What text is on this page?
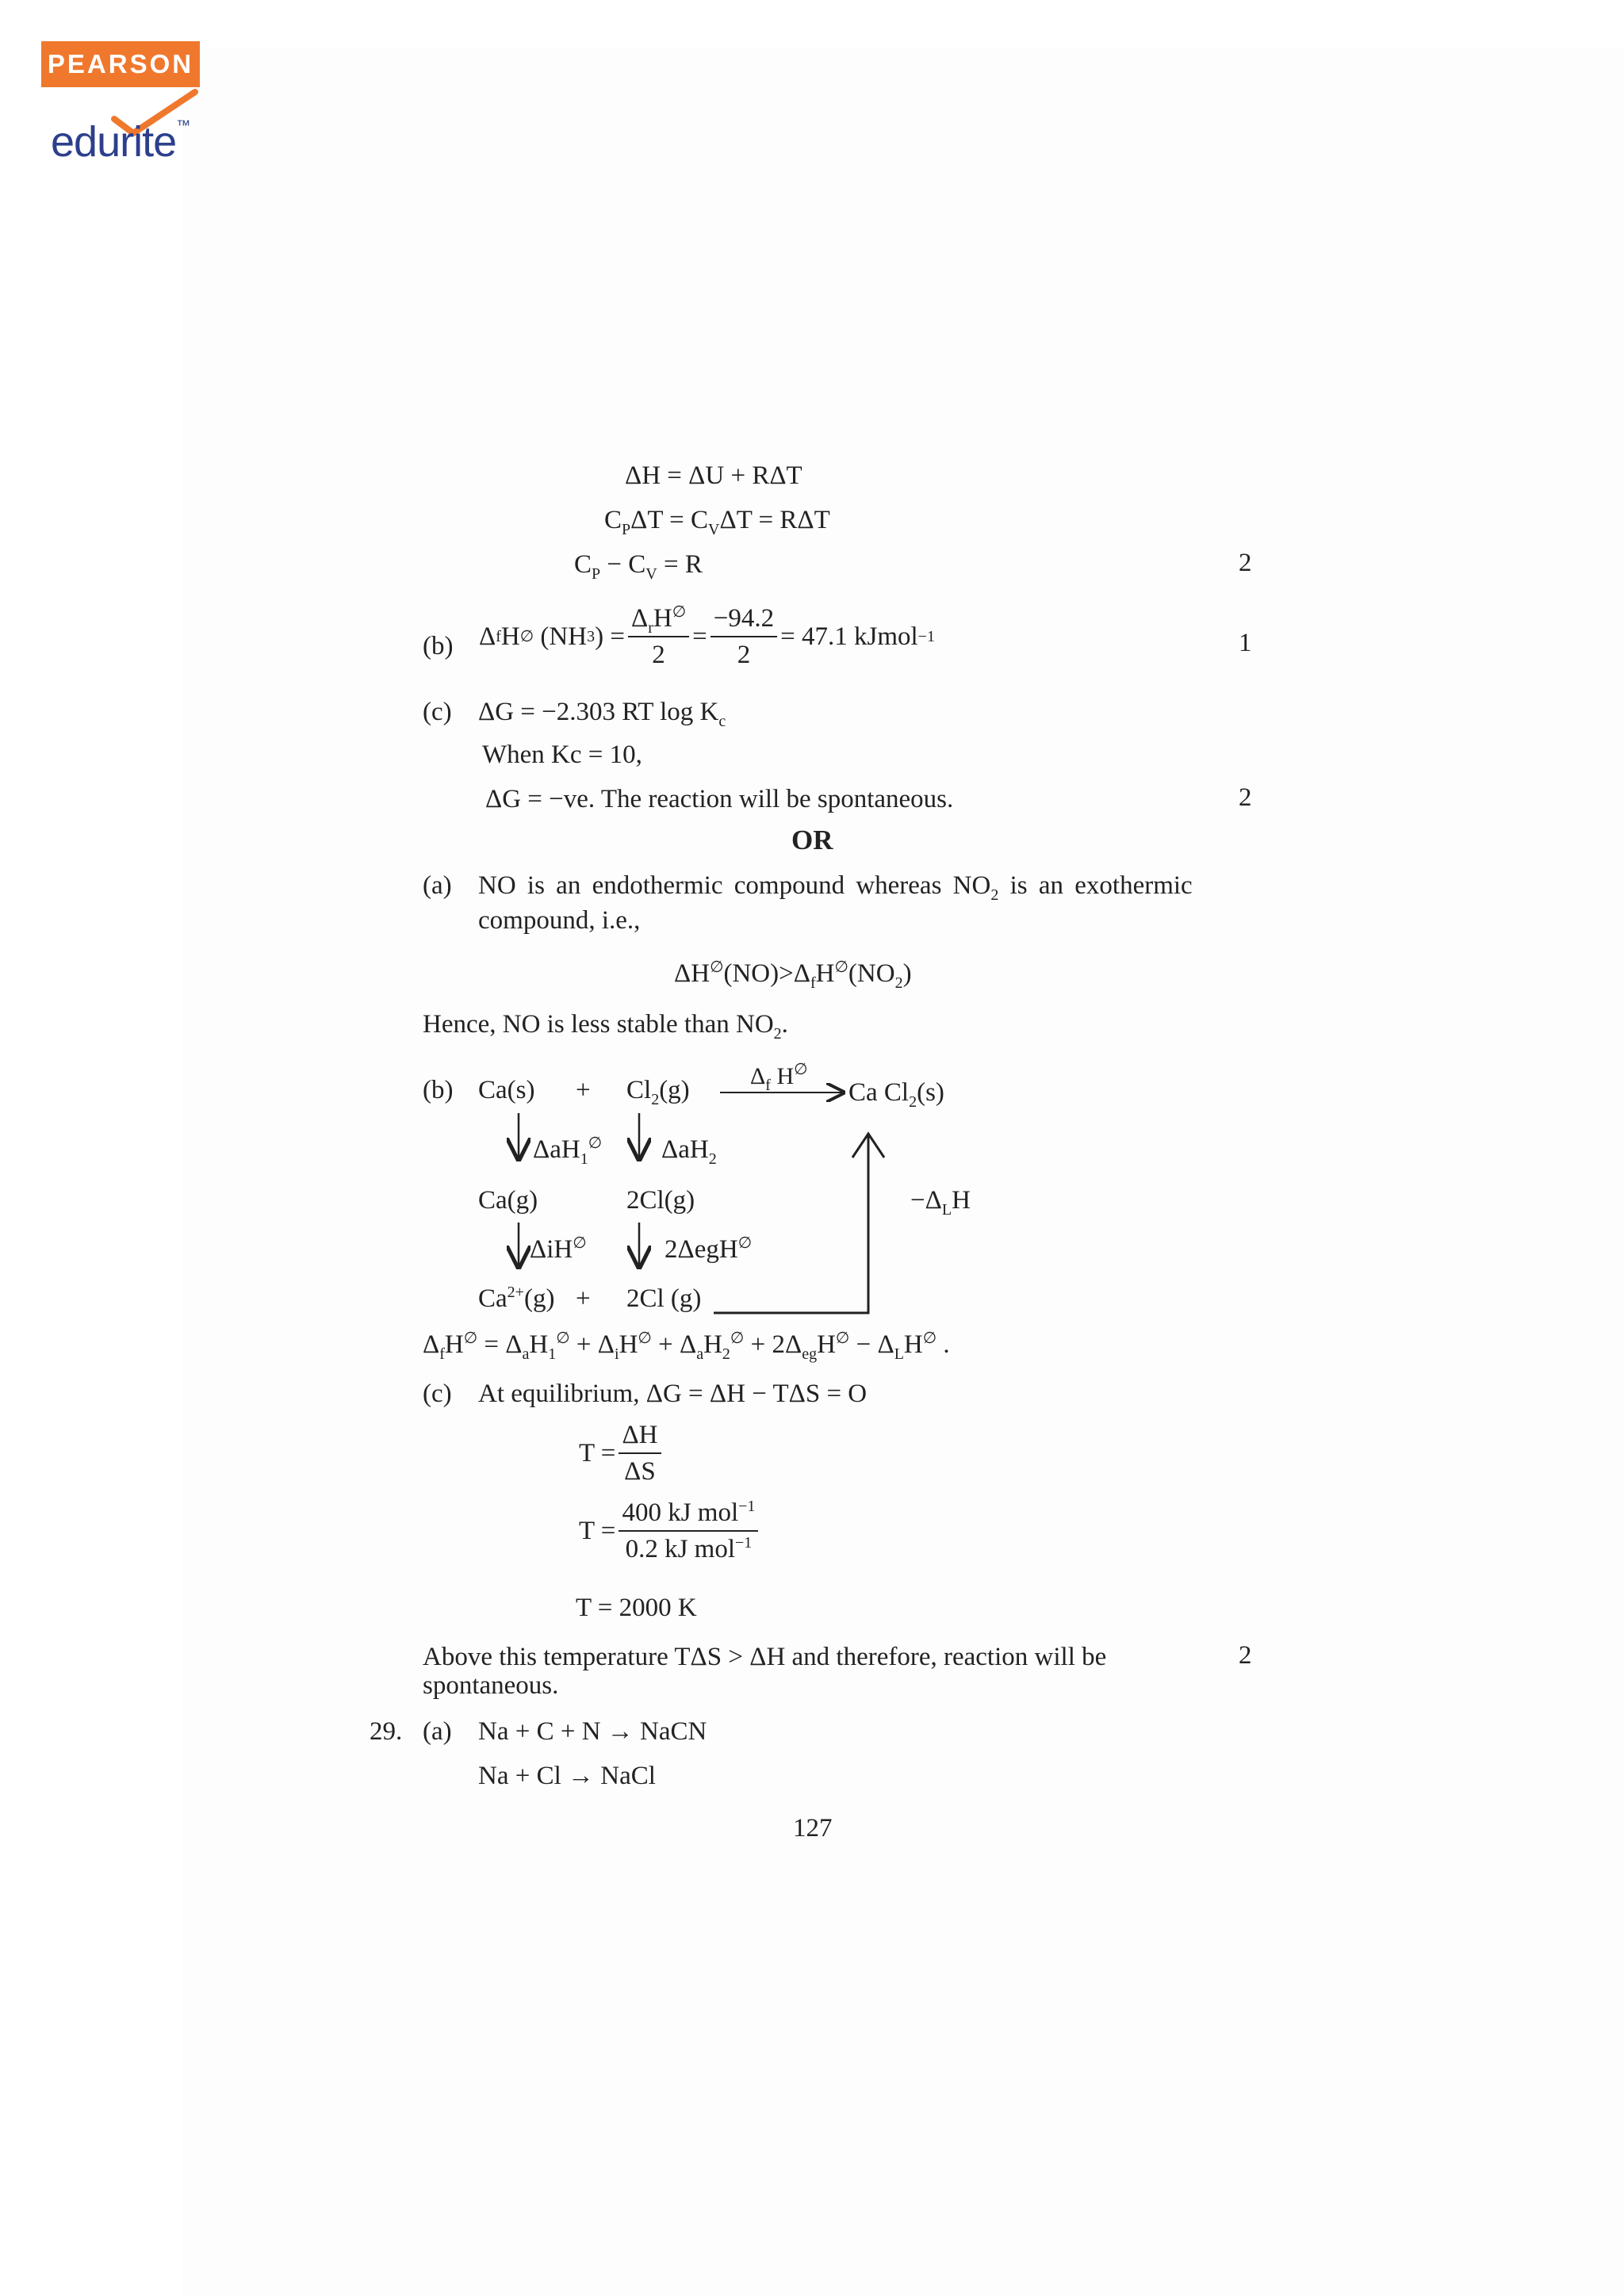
PEARSON
edurite™
ΔH = ΔU + RΔT
$C_P\Delta T = C_V\Delta T = R\Delta T$
$C_P - C_V = R$	2
(b) Δ f H ∅ ( NH 3 ) = $\frac{\Delta_rH^\emptyset}{2} = \frac{-94.2}{2} = 47.1$ kJmol −1	1
(c) ΔG = −2.303 RT $\log K_c$
When Kc = 10,
ΔG = −ve. The reaction will be spontaneous.	2
OR
(a) NO is an endothermic compound whereas $NO_2$ is an exothermic
compound, i.e.,
$\Delta H^\emptyset(NO)>\Delta_fH^\emptyset(NO_2)$
Hence, NO is less stable than $NO_2$.
(b) $Ca(s) + Cl_2(g)$	$\Delta_f$ H∅
Ca $Cl_2(s)$
ΔaH$_1$∅ ΔaH$_2$
Ca(g)	2Cl(g)	$-\Delta_LH$
ΔiH∅	2ΔegH∅
$Ca^{2+}(g) + 2Cl$ (g)
$\Delta_fH^\emptyset = \Delta_aH_1^\emptyset + \Delta_iH^\emptyset + \Delta_aH_2^\emptyset + 2\Delta_{eg}H^\emptyset - \Delta_LH^\emptyset$ .
(c) At equilibrium, ΔG = ΔH − TΔS = O
$T = \frac{\Delta H}{\Delta S}$
$T = \frac{400 kJ mol^{-1}}{0.2 kJ mol^{-1}}$
T = 2000 K
Above this temperature TΔS > ΔH and therefore, reaction will be
spontaneous.
2
29. (a) Na + C + N → NaCN
Na + Cl → NaCl
127
